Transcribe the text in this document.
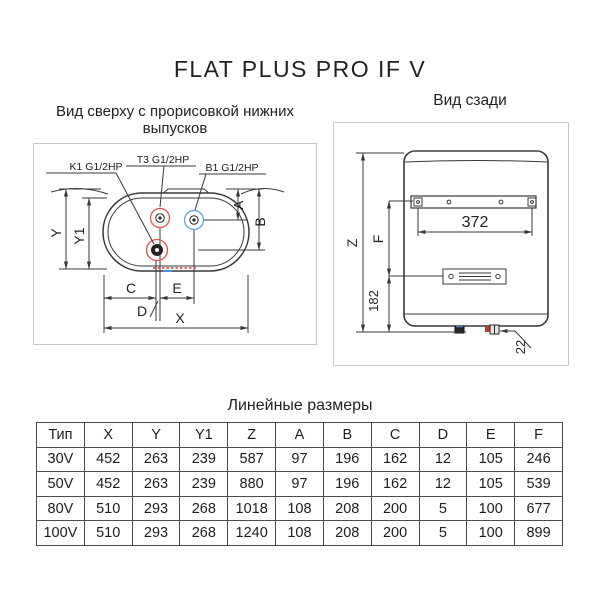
FLAT PLUS PRO IF V
Вид сверху с прорисовкой нижних выпусков
Вид сзади
K1 G1/2HP
T3 G1/2HP
B1 G1/2HP
Y Y1
A
B
C	E
D X
372
Z F
182
22
Линейные размеры
Тип	X	Y	Y1	Z	A	B	C	D	E	F
30V	452	263	239	587	97	196	162	12	105	246
50V	452	263	239	880	97	196	162	12	105	539
80V	510	293	268	1018	108	208	200	5	100	677
100V	510	293	268	1240	108	208	200	5	100	899
